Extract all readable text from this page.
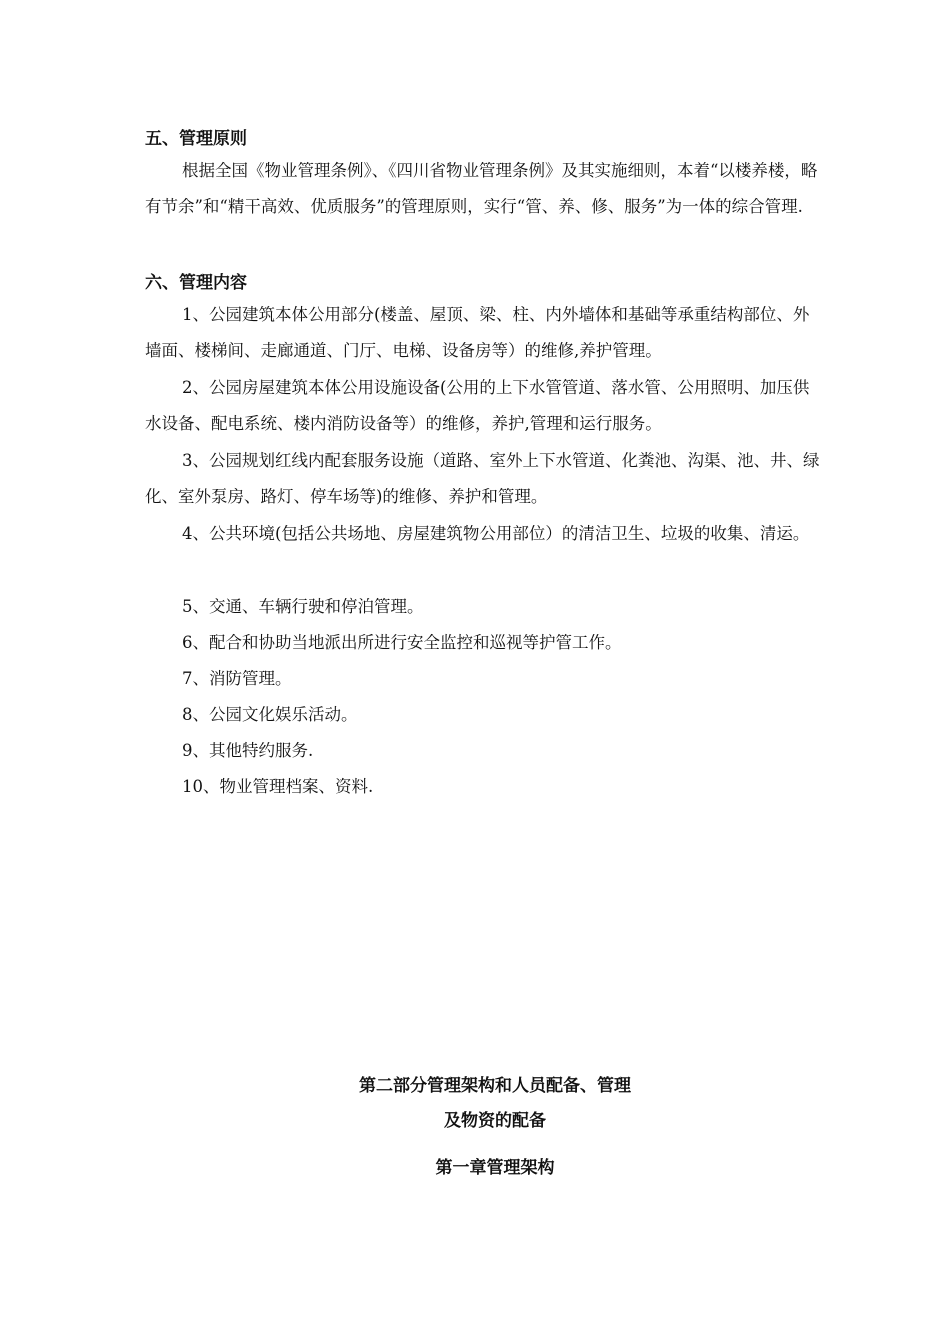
五、管理原则

根据全国《物业管理条例》、《四川省物业管理条例》及其实施细则，本着“以楼养楼，略有节余”和“精干高效、优质服务”的管理原则，实行“管、养、修、服务”为一体的综合管理.

六、管理内容

1、公园建筑本体公用部分(楼盖、屋顶、梁、柱、内外墙体和基础等承重结构部位、外墙面、楼梯间、走廊通道、门厅、电梯、设备房等）的维修,养护管理。

2、公园房屋建筑本体公用设施设备(公用的上下水管管道、落水管、公用照明、加压供水设备、配电系统、楼内消防设备等）的维修，养护,管理和运行服务。

3、公园规划红线内配套服务设施（道路、室外上下水管道、化粪池、沟渠、池、井、绿化、室外泵房、路灯、停车场等)的维修、养护和管理。

4、公共环境(包括公共场地、房屋建筑物公用部位）的清洁卫生、垃圾的收集、清运。

5、交通、车辆行驶和停泊管理。
6、配合和协助当地派出所进行安全监控和巡视等护管工作。
7、消防管理。
8、公园文化娱乐活动。
9、其他特约服务.
10、物业管理档案、资料.
第二部分管理架构和人员配备、管理
及物资的配备
第一章管理架构
